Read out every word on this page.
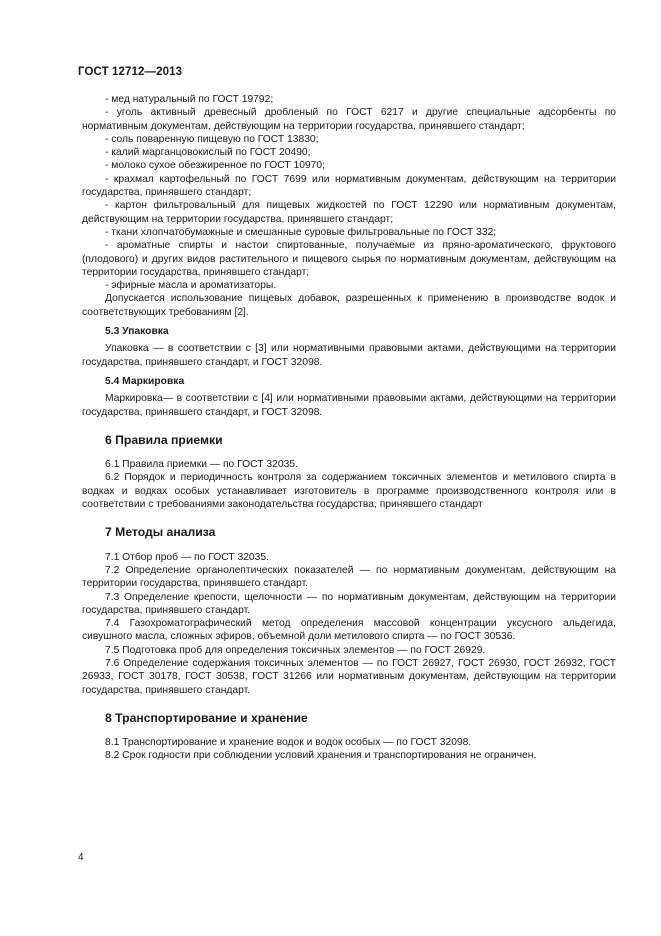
ГОСТ 12712—2013

- мед натуральный по ГОСТ 19792;

- уголь активный древесный дробленый по ГОСТ 6217 и другие специальные адсорбенты по нормативным документам, действующим на территории государства, принявшего стандарт;

- соль поваренную пищевую по ГОСТ 13830;

- калий марганцовокислый по ГОСТ 20490;

- молоко сухое обезжиренное по ГОСТ 10970;

- крахмал картофельный по ГОСТ 7699 или нормативным документам, действующим на территории государства, принявшего стандарт;

- картон фильтровальный для пищевых жидкостей по ГОСТ 12290 или нормативным документам, действующим на территории государства, принявшего стандарт;

- ткани хлопчатобумажные и смешанные суровые фильтровальные по ГОСТ 332;

- ароматные спирты и настои спиртованные, получаемые из пряно-ароматического, фруктового (плодового) и других видов растительного и пищевого сырья по нормативным документам, действующим на территории государства, принявшего стандарт;

- эфирные масла и ароматизаторы.

Допускается использование пищевых добавок, разрешенных к применению в производстве водок и соответствующих требованиям [2].

5.3 Упаковка

Упаковка — в соответствии с [3] или нормативными правовыми актами, действующими на территории государства, принявшего стандарт, и ГОСТ 32098.

5.4 Маркировка

Маркировка— в соответствии с [4] или нормативными правовыми актами, действующими на территории государства, принявшего стандарт, и ГОСТ 32098.

6 Правила приемки

6.1 Правила приемки — по ГОСТ 32035.

6.2 Порядок и периодичность контроля за содержанием токсичных элементов и метилового спирта в водках и водках особых устанавливает изготовитель в программе производственного контроля или в соответствии с требованиями законодательства государства, принявшего стандарт

7 Методы анализа

7.1 Отбор проб — по ГОСТ 32035.

7.2 Определение органолептических показателей — по нормативным документам, действующим на территории государства, принявшего стандарт.

7.3 Определение крепости, щелочности — по нормативным документам, действующим на территории государства, принявшего стандарт.

7.4 Газохроматографический метод определения массовой концентрации уксусного альдегида, сивушного масла, сложных эфиров, объемной доли метилового спирта — по ГОСТ 30536.

7.5 Подготовка проб для определения токсичных элементов — по ГОСТ 26929.

7.6 Определение содержания токсичных элементов — по ГОСТ 26927, ГОСТ 26930, ГОСТ 26932, ГОСТ 26933, ГОСТ 30178, ГОСТ 30538, ГОСТ 31266 или нормативным документам, действующим на территории государства, принявшего стандарт.

8 Транспортирование и хранение

8.1 Транспортирование и хранение водок и водок особых — по ГОСТ 32098.

8.2 Срок годности при соблюдении условий хранения и транспортирования не ограничен.

4
